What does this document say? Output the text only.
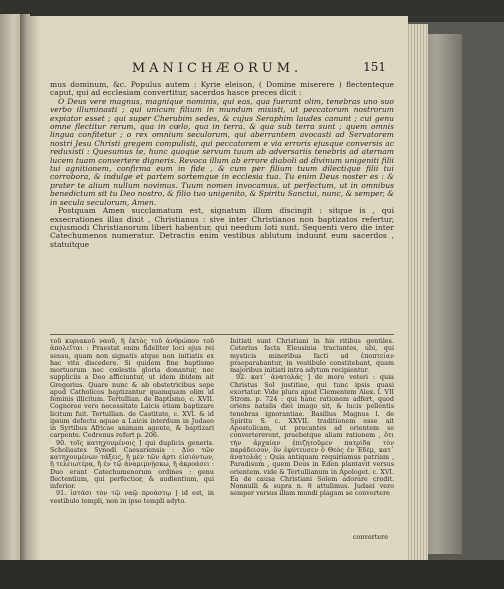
MANICHÆORUM.	151

mus dominum, &c. Populus autem : Kyrie eleison, ( Domine miserere ) flectenteque caput, qui ad ecclesiam convertitur, sacerdos hasce preces dicit :

O Deus vere magnus, magnique nominis, qui eas, qua fuerant olim, tenebras uno suo verbo illuminasti ; qui unicum filium in mundum misisti, ut peccatorum nostrorum expiator esset ; qui super Cherubim sedes, & cujus Seraphim laudes canunt ; cui genu omne flectitur rerum, qua in cœlo, qua in terra, & qua sub terra sunt ; quem omnis lingua confitetur ; o rex omnium seculorum, qui aberrantem avocasti ad Servatorem nostri Jesu Christi gregem compulisti, qui peccatorem e via erroris ejusque conversis ac reduxisti : Quesumus te, hunc quoque servum tuum ab adversariis tenebris ad aternam lucem tuam convertere digneris. Revoca illum ab errore diaboli ad divinum unigeniti filii tui agnitionem, confirma eum in fide , & cum per filium tuum dilectique filii tui corrobora, & indulge et partem sortemque in ecclesia tua. Tu enim Deus noster es : & prater te alium nullum novimus. Tuum nomen invocamus, ut perfectum, ut in omnibus benedictum sit tu Deo nostro, & filio tuo unigenito, & Spiritu Sanctui, nunc, & semper, & in secula seculorum, Amen.

Postquam Amen succlamatum est, signatum illum discingit : sitque is , qui exsecrationes illas dixit , Christianus : sive inter Christianos non baptizatos refertur, cujusmodi Christianorum liberi habentur, qui needum loti sunt. Sequenti vero die inter Catechumenos numeratur. Detractis enim vestibus ablutum induunt eum sacerdos , statuitque

τοῦ κυριακοῦ ναοῦ, ἢ ἐκτὸς τοῦ ἀνθρώπου τοῦ ἀπολεῖται : Praestat enim fideliter loci ejus rei sensu, quam non signatis atque non initiatis ex hac vita discedere. Si quidem fine baptismo mortuorum nec cœlestis gloria donantur, nec suppliciis a Deo afficiuntur, ut idem ibidem ait Gregorius. Quare nunc & ab obstetricibus sepe apud Catholicos baptizantur quamquam olim id feminis illicitum. Tertullian. de Baptismo, c. XVII. Cognoree vero necessitate Laicis etiam baptizare licitum fuit. Tertullian. de Castitate, c. XVI. & id ipsum defectu aquae a Laicis interdum in Judaeo in Syrtibus Africae animam agente, & baptizari carpente. Cedrenus refert p. 206.

90. τοῖς κατηχουμένοις ] qui duplicis generis. Scholiastes Synodi Caesariensis : Δύο τῶν κατηχουμένων τάξεις, ἢ μὲν τῶν ἀρτι εἰσιόντων, ἢ τελειωτέρα, ἢ ἐν τῷ ἀναμιμνῄσκω, ἢ ἀκροάσει : Duo erant Catechumenorum ordines : genu flectentium, qui perfectior, & audientium, qui inferior.

91. ἱστάσι τὸν τῷ ναῷ προάστῳ ] id est, in vestibulo templi, non in ipso templi adyto.

Initiati sunt Christiani in his ritibus gentiles. Ceterius facta Eleusinia tractantes, ubi, qui mysticis minoribus facti ad ἐποπτείαν praeparabantur, in vestibulo constitebant, quam majoribus initiati intra adytum recipientur.

92. κατ᾽ ἀνατολάς ] de more veteri : quia Christus Sol justitiae, qui tunc ipsis quasi exortatur. Vide plura apud Clementem Alex. l. VII Strom. p. 724 : qui hanc rationem adfert, quod oriens natalis diei imago sit, & lucis pellentis tenebras ignorantiae. Basilius Magnus l. de Spiritu S. c. XXVII. traditionem esse ait Apostolicam, ut precantes ad orientem se convertererent, praebetque aliam rationem , ὅτι τὴν ἀρχαίαν ἐπιζητοῦμεν πατρίδα τὸν παράδεισον, ὃν ἐφύτευσεν ὁ Θεὸς ἐν Ἐδὲμ, κατ᾽ ἀνατολάς : Quia antiquam requiriamus patriam , Paradisum , quem Deus in Eden plantavit versus orientem. vide & Tertullianum in Apologet. c. XVI. Ea de causa Christiani Solem adorare credit. Nonnulli & supra n. 8 attulimus. Judaei vero semper versus illam mundi plagam se convertere

convertere
